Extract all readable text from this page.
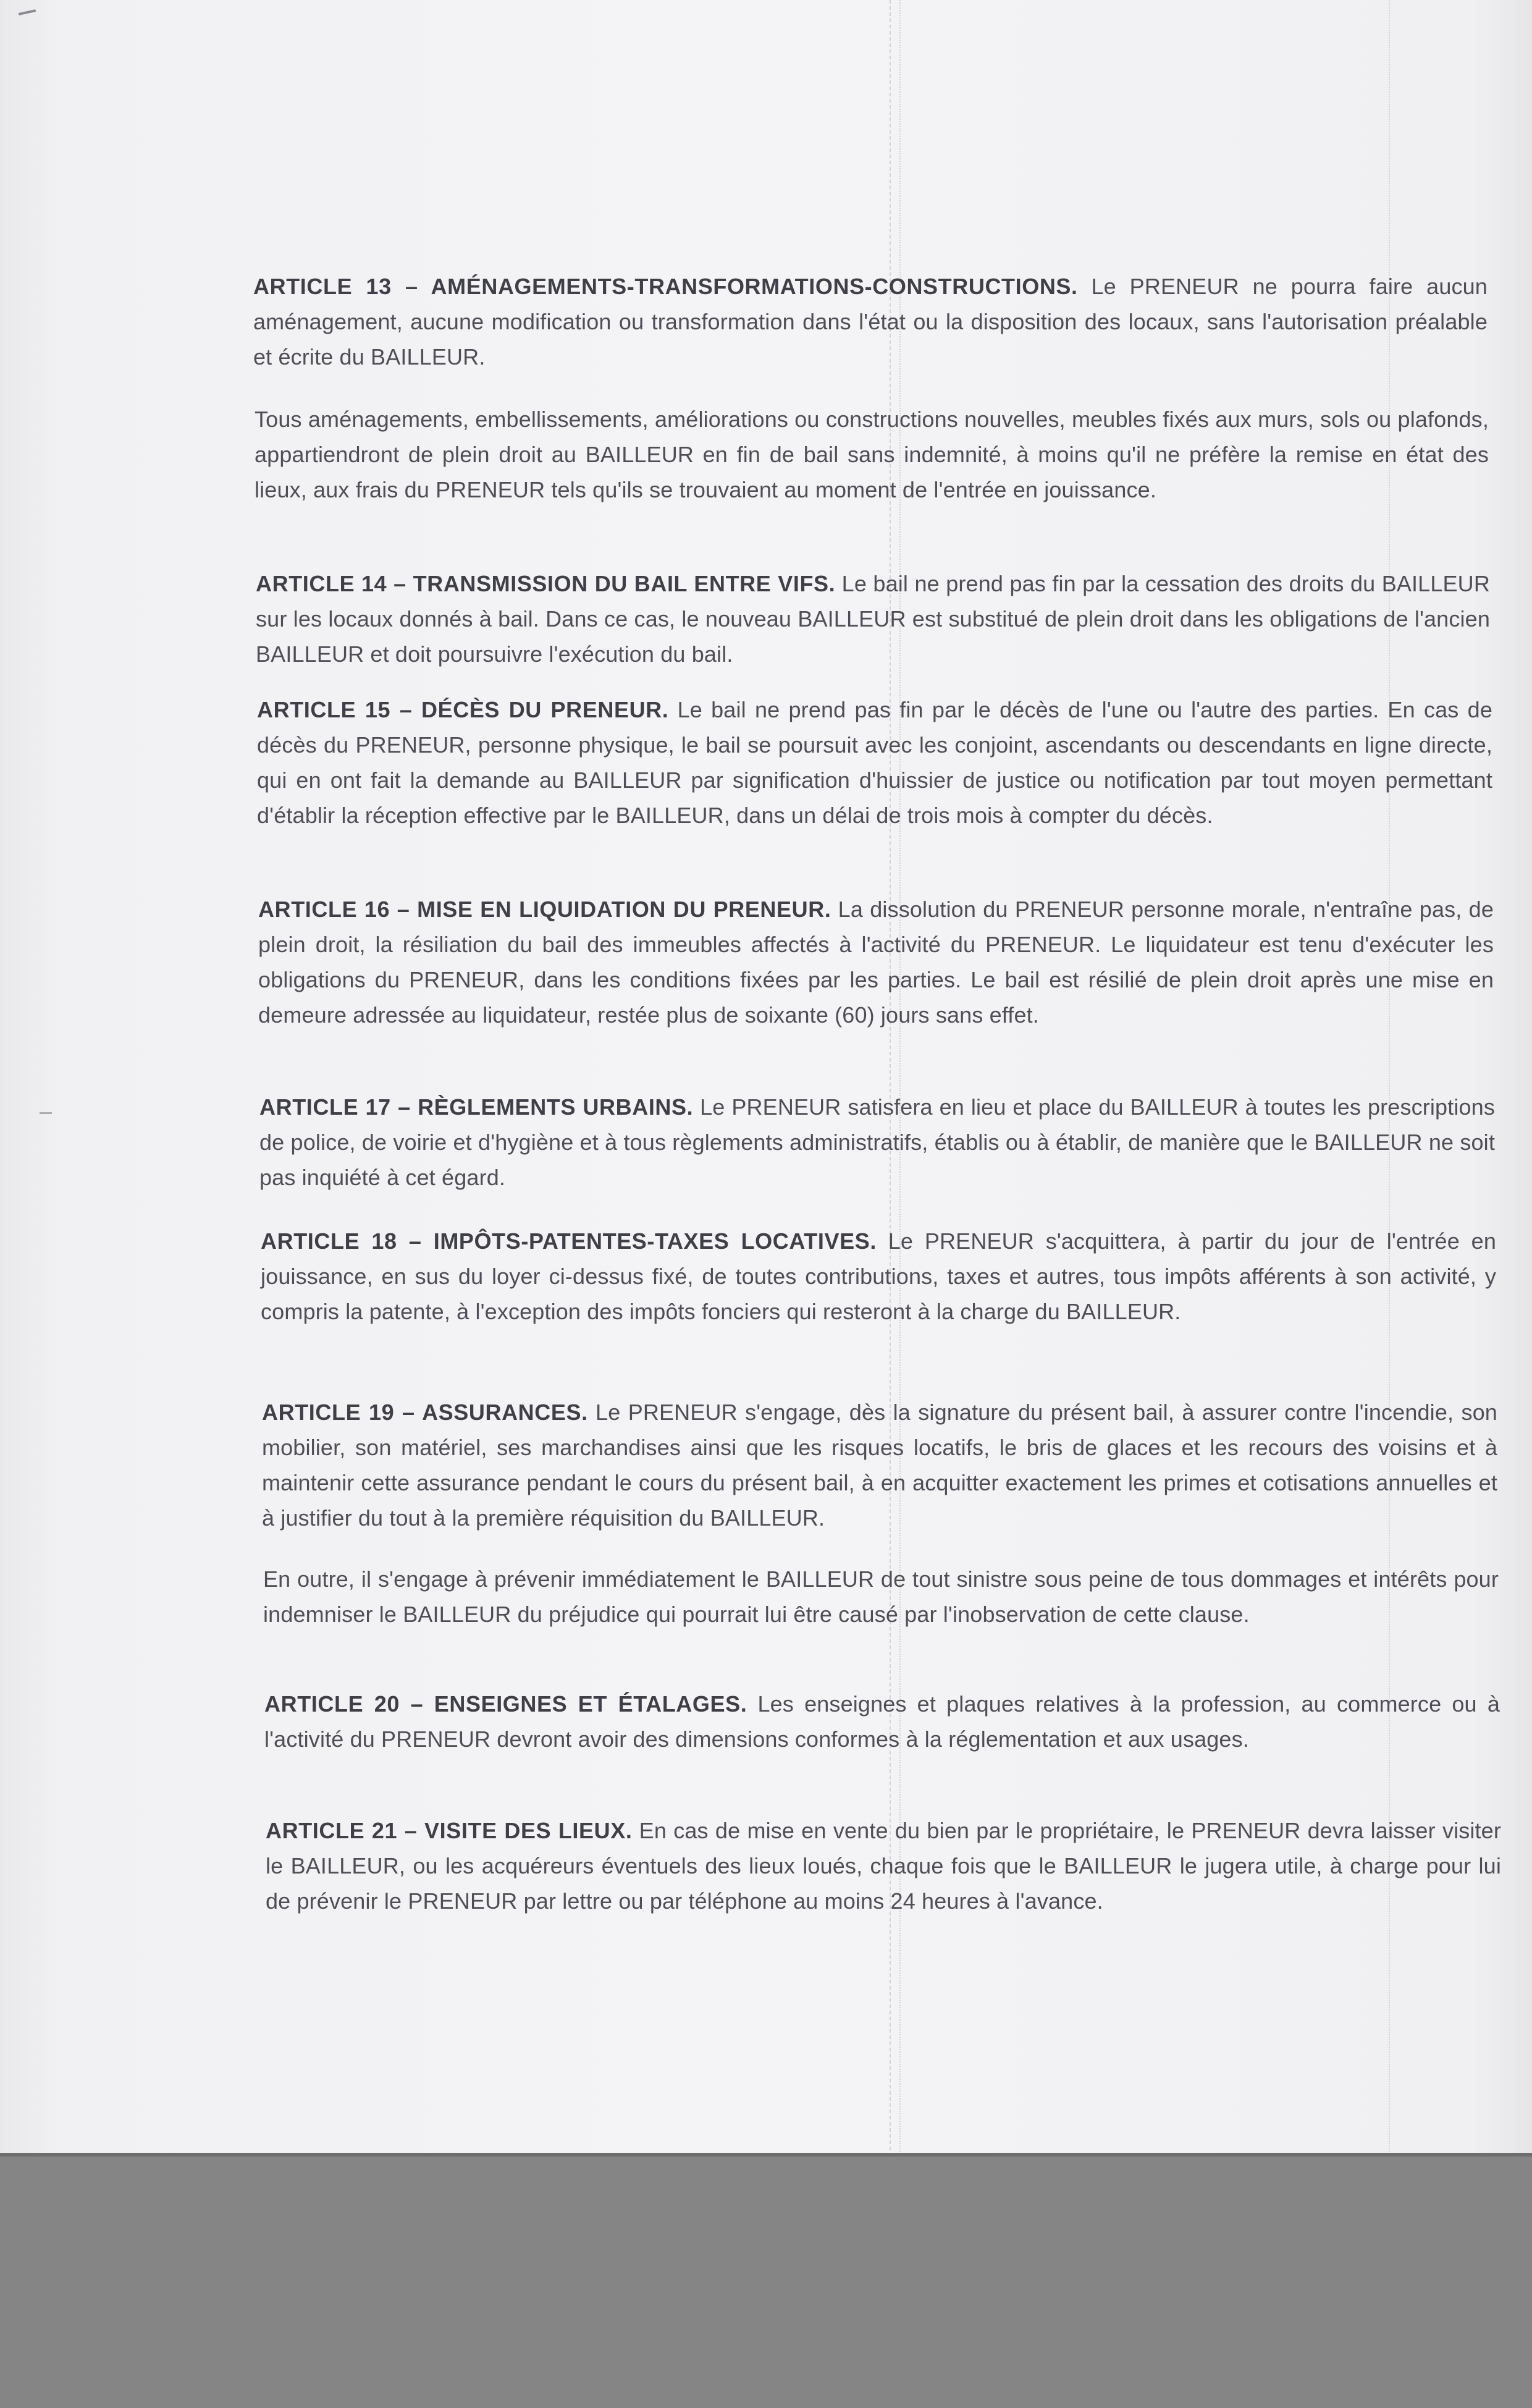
ARTICLE 13 – AMÉNAGEMENTS-TRANSFORMATIONS-CONSTRUCTIONS. Le PRENEUR ne pourra faire aucun aménagement, aucune modification ou transformation dans l'état ou la disposition des locaux, sans l'autorisation préalable et écrite du BAILLEUR.

Tous aménagements, embellissements, améliorations ou constructions nouvelles, meubles fixés aux murs, sols ou plafonds, appartiendront de plein droit au BAILLEUR en fin de bail sans indemnité, à moins qu'il ne préfère la remise en état des lieux, aux frais du PRENEUR tels qu'ils se trouvaient au moment de l'entrée en jouissance.

ARTICLE 14 – TRANSMISSION DU BAIL ENTRE VIFS. Le bail ne prend pas fin par la cessation des droits du BAILLEUR sur les locaux donnés à bail. Dans ce cas, le nouveau BAILLEUR est substitué de plein droit dans les obligations de l'ancien BAILLEUR et doit poursuivre l'exécution du bail.

ARTICLE 15 – DÉCÈS DU PRENEUR. Le bail ne prend pas fin par le décès de l'une ou l'autre des parties. En cas de décès du PRENEUR, personne physique, le bail se poursuit avec les conjoint, ascendants ou descendants en ligne directe, qui en ont fait la demande au BAILLEUR par signification d'huissier de justice ou notification par tout moyen permettant d'établir la réception effective par le BAILLEUR, dans un délai de trois mois à compter du décès.

ARTICLE 16 – MISE EN LIQUIDATION DU PRENEUR. La dissolution du PRENEUR personne morale, n'entraîne pas, de plein droit, la résiliation du bail des immeubles affectés à l'activité du PRENEUR. Le liquidateur est tenu d'exécuter les obligations du PRENEUR, dans les conditions fixées par les parties. Le bail est résilié de plein droit après une mise en demeure adressée au liquidateur, restée plus de soixante (60) jours sans effet.

ARTICLE 17 – RÈGLEMENTS URBAINS. Le PRENEUR satisfera en lieu et place du BAILLEUR à toutes les prescriptions de police, de voirie et d'hygiène et à tous règlements administratifs, établis ou à établir, de manière que le BAILLEUR ne soit pas inquiété à cet égard.

ARTICLE 18 – IMPÔTS-PATENTES-TAXES LOCATIVES. Le PRENEUR s'acquittera, à partir du jour de l'entrée en jouissance, en sus du loyer ci-dessus fixé, de toutes contributions, taxes et autres, tous impôts afférents à son activité, y compris la patente, à l'exception des impôts fonciers qui resteront à la charge du BAILLEUR.

ARTICLE 19 – ASSURANCES. Le PRENEUR s'engage, dès la signature du présent bail, à assurer contre l'incendie, son mobilier, son matériel, ses marchandises ainsi que les risques locatifs, le bris de glaces et les recours des voisins et à maintenir cette assurance pendant le cours du présent bail, à en acquitter exactement les primes et cotisations annuelles et à justifier du tout à la première réquisition du BAILLEUR.

En outre, il s'engage à prévenir immédiatement le BAILLEUR de tout sinistre sous peine de tous dommages et intérêts pour indemniser le BAILLEUR du préjudice qui pourrait lui être causé par l'inobservation de cette clause.

ARTICLE 20 – ENSEIGNES ET ÉTALAGES. Les enseignes et plaques relatives à la profession, au commerce ou à l'activité du PRENEUR devront avoir des dimensions conformes à la réglementation et aux usages.

ARTICLE 21 – VISITE DES LIEUX. En cas de mise en vente du bien par le propriétaire, le PRENEUR devra laisser visiter le BAILLEUR, ou les acquéreurs éventuels des lieux loués, chaque fois que le BAILLEUR le jugera utile, à charge pour lui de prévenir le PRENEUR par lettre ou par téléphone au moins 24 heures à l'avance.
